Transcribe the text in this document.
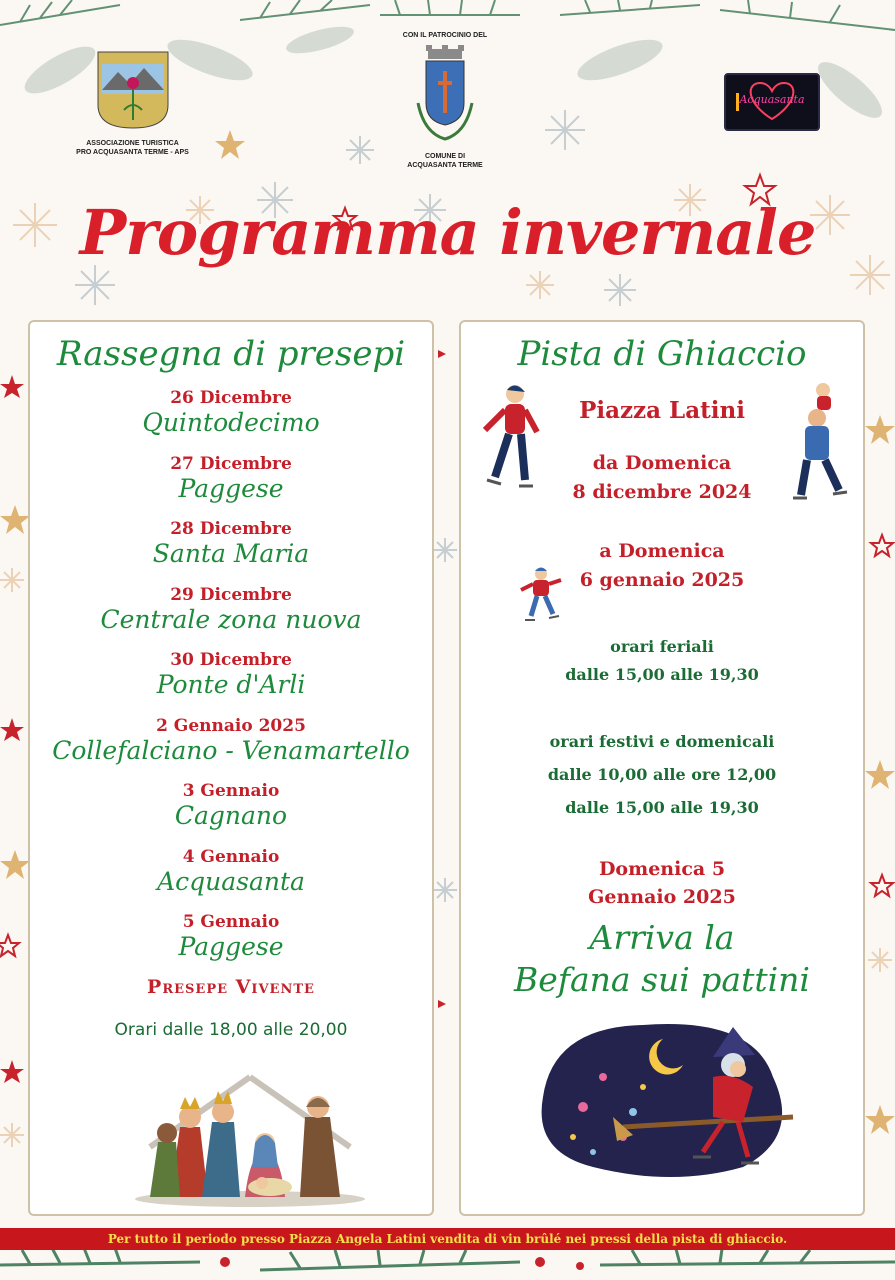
ASSOCIAZIONE TURISTICA
PRO ACQUASANTA TERME - APS
CON IL PATROCINIO DEL
COMUNE DI
ACQUASANTA TERME
Acquasanta
Programma invernale
Rassegna di presepi
26 Dicembre
Quintodecimo
27 Dicembre
Paggese
28 Dicembre
Santa Maria
29 Dicembre
Centrale zona nuova
30 Dicembre
Ponte d'Arli
2 Gennaio 2025
Collefalciano - Venamartello
3 Gennaio
Cagnano
4 Gennaio
Acquasanta
5 Gennaio
Paggese
Presepe Vivente
Orari dalle 18,00 alle 20,00
Pista di Ghiaccio
Piazza Latini
da Domenica
8 dicembre 2024
a Domenica
6 gennaio 2025
orari feriali
dalle 15,00 alle 19,30
orari festivi e domenicali
dalle 10,00 alle ore 12,00
dalle 15,00 alle 19,30
Domenica 5
Gennaio 2025
Arriva la
Befana sui pattini
Per tutto il periodo presso Piazza Angela Latini vendita di vin brûlé nei pressi della pista di ghiaccio.
